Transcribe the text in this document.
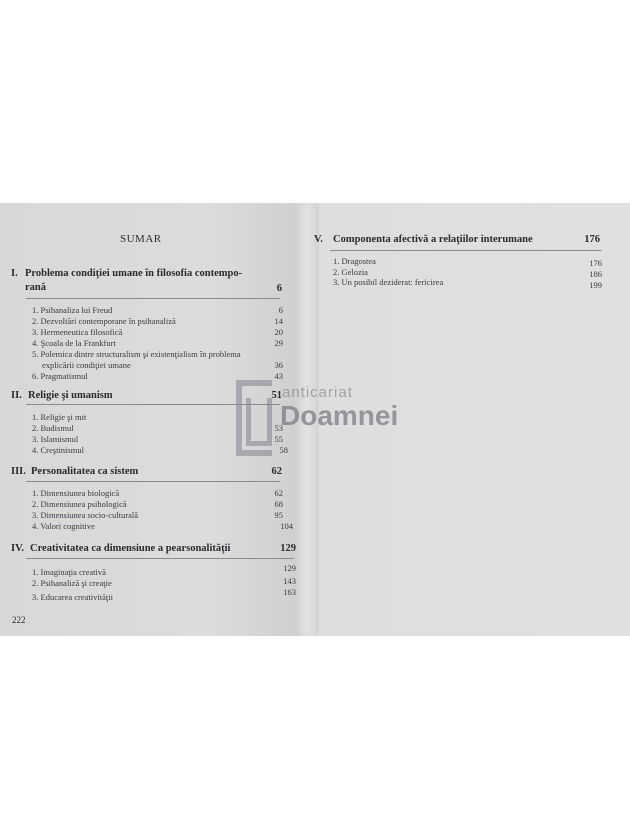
SUMAR
I. Problema condiţiei umane în filosofia contempo-
rană	6
1. Psihanaliza lui Freud	6
2. Dezvoltări contemporane în psihanaliză	14
3. Hermeneutica filosofică	20
4. Şcoala de la Frankfurt	29
5. Polemica dintre structuralism şi existenţialism în problema
explicării condiţiei umane	36
6. Pragmatismul	43
II. Religie şi umanism	51
1. Religie şi mit
2. Budismul	53
3. Islamismul	55
4. Creştinismul	58
III. Personalitatea ca sistem	62
1. Dimensiunea biologică	62
2. Dimensiunea psihologică	68
3. Dimensiunea socio-culturală	95
4. Valori cognitive	104
IV. Creativitatea ca dimensiune a pearsonalităţii	129
1. Imaginaţia creativă	129
2. Psihanaliză şi creaţie	143
3. Educarea creativităţii	163
222
V. Componenta afectivă a relaţiilor interumane	176
1. Dragostea	176
2. Gelozia	186
3. Un posibil deziderat: fericirea	199
anticariat
Doamnei
